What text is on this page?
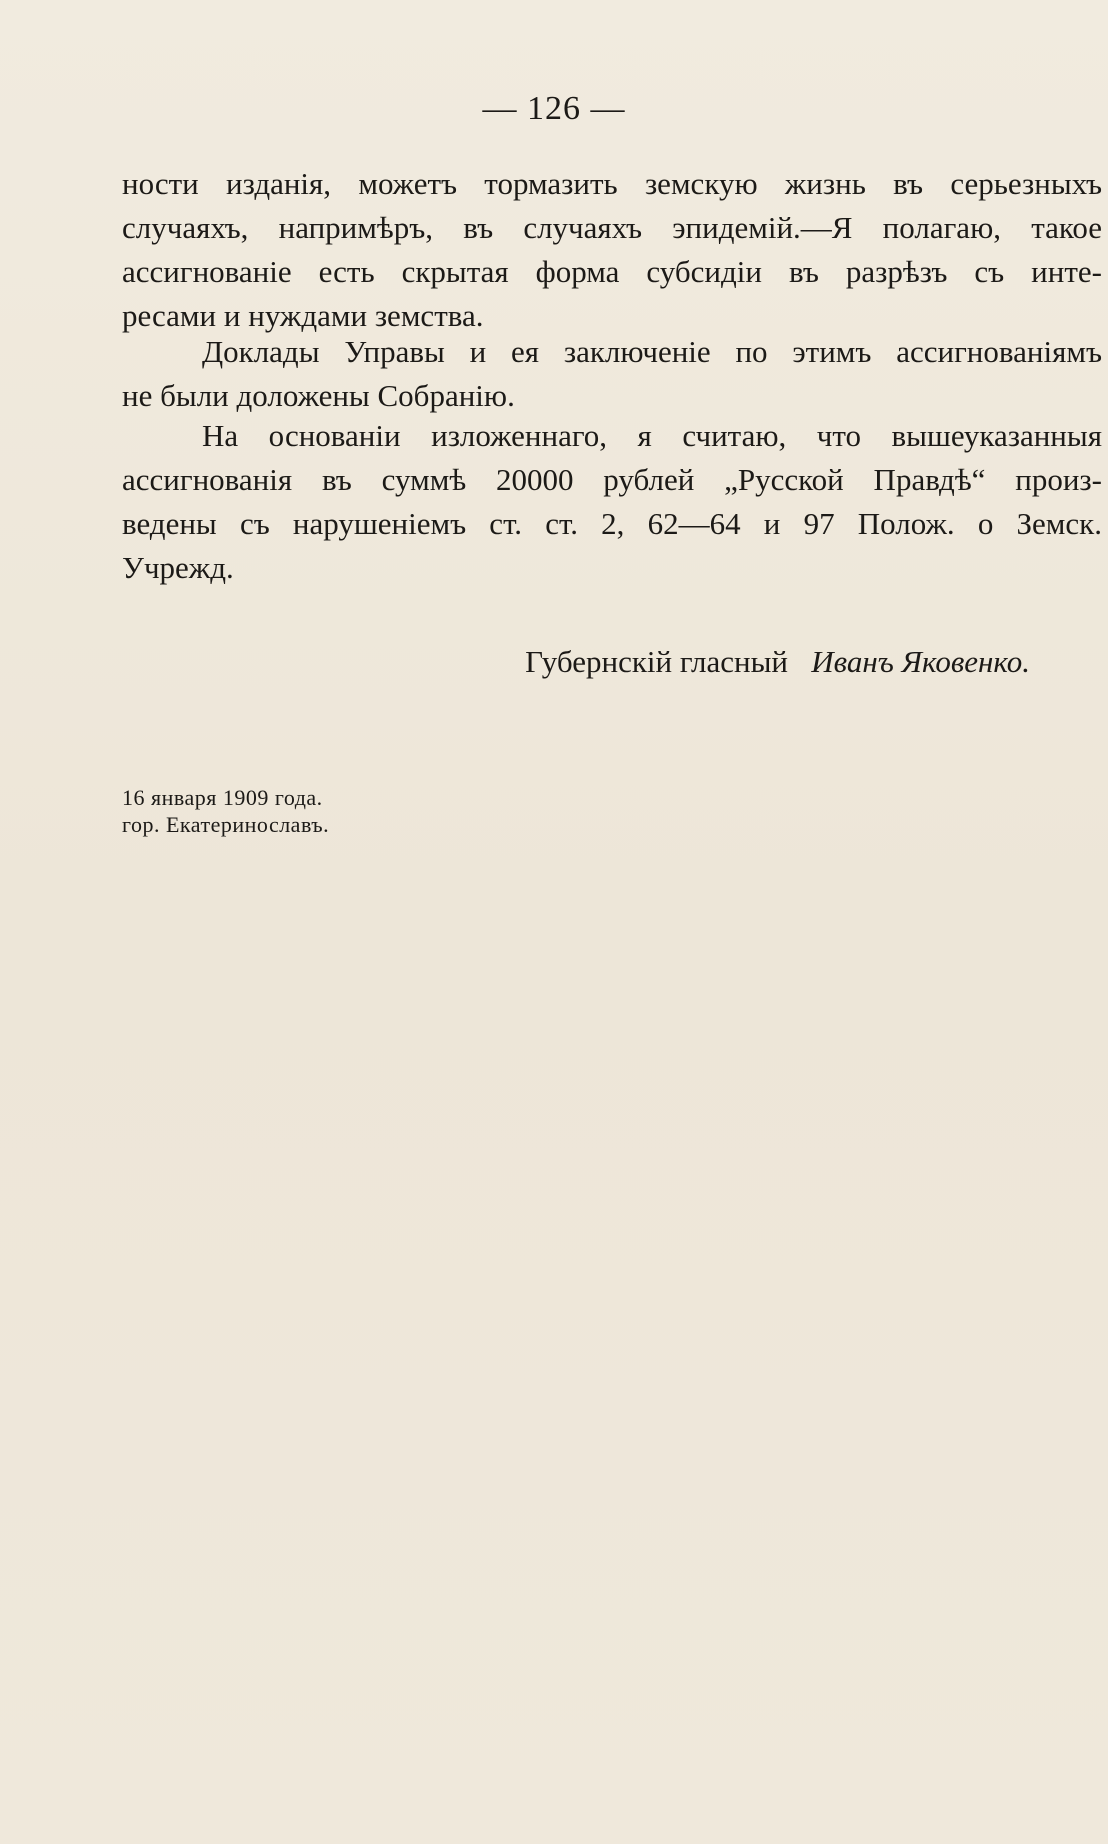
— 126 —
ности изданія, можетъ тормазить земскую жизнь въ серьезныхъ
случаяхъ, напримѣръ, въ случаяхъ эпидемій.—Я полагаю, такое
ассигнованіе есть скрытая форма субсидіи въ разрѣзъ съ инте-
ресами и нуждами земства.
Доклады Управы и ея заключеніе по этимъ ассигнованіямъ
не были доложены Собранію.
На основаніи изложеннаго, я считаю, что вышеуказанныя
ассигнованія въ суммѣ 20000 рублей „Русской Правдѣ“ произ-
ведены съ нарушеніемъ ст. ст. 2, 62—64 и 97 Полож. о Земск.
Учрежд.
Губернскій гласный Иванъ Яковенко.
16 января 1909 года.
гор. Екатеринославъ.
